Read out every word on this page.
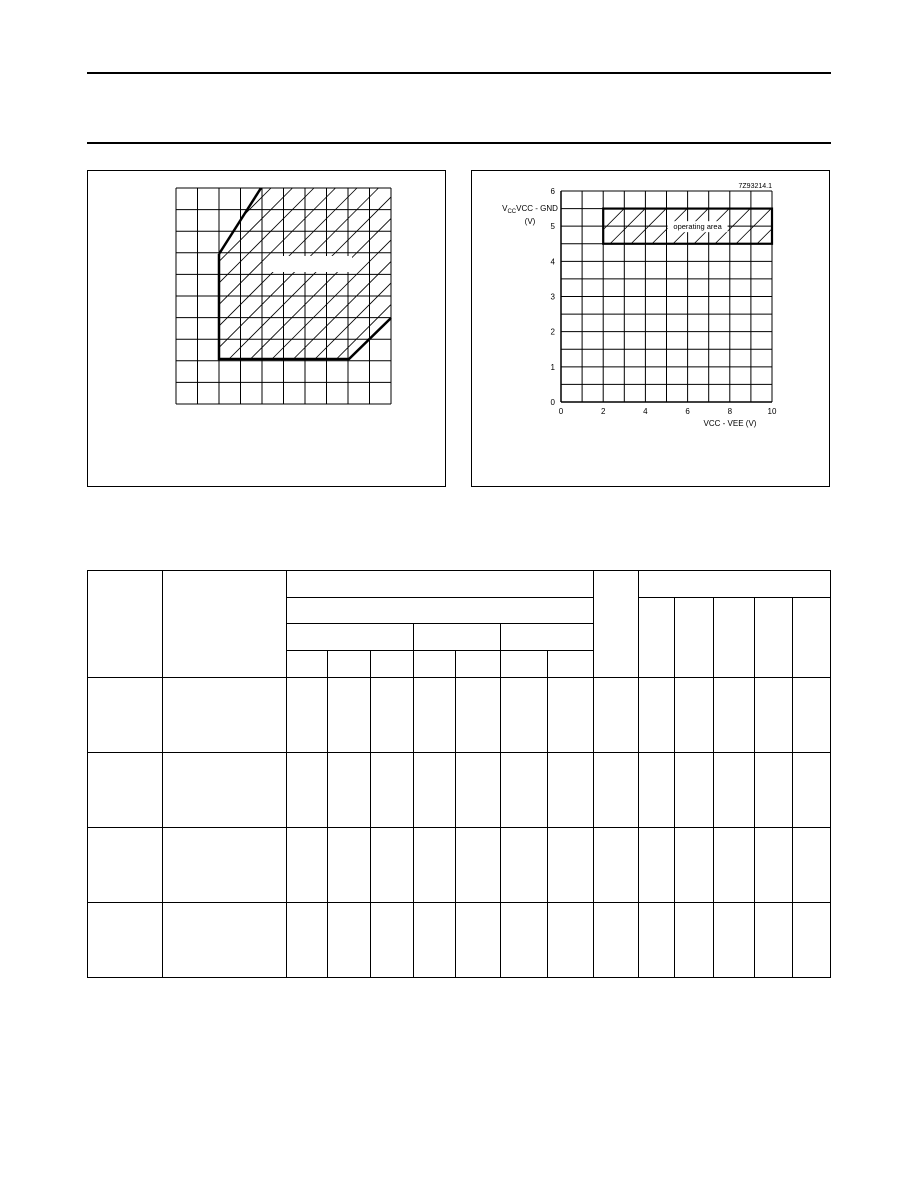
operating area
0
1
2
3
4
5
6
0	2	4	6	8	10
7Z93214.1
$V_{CC}VCC$ - GND
(V)
VCC - VEE (V)
